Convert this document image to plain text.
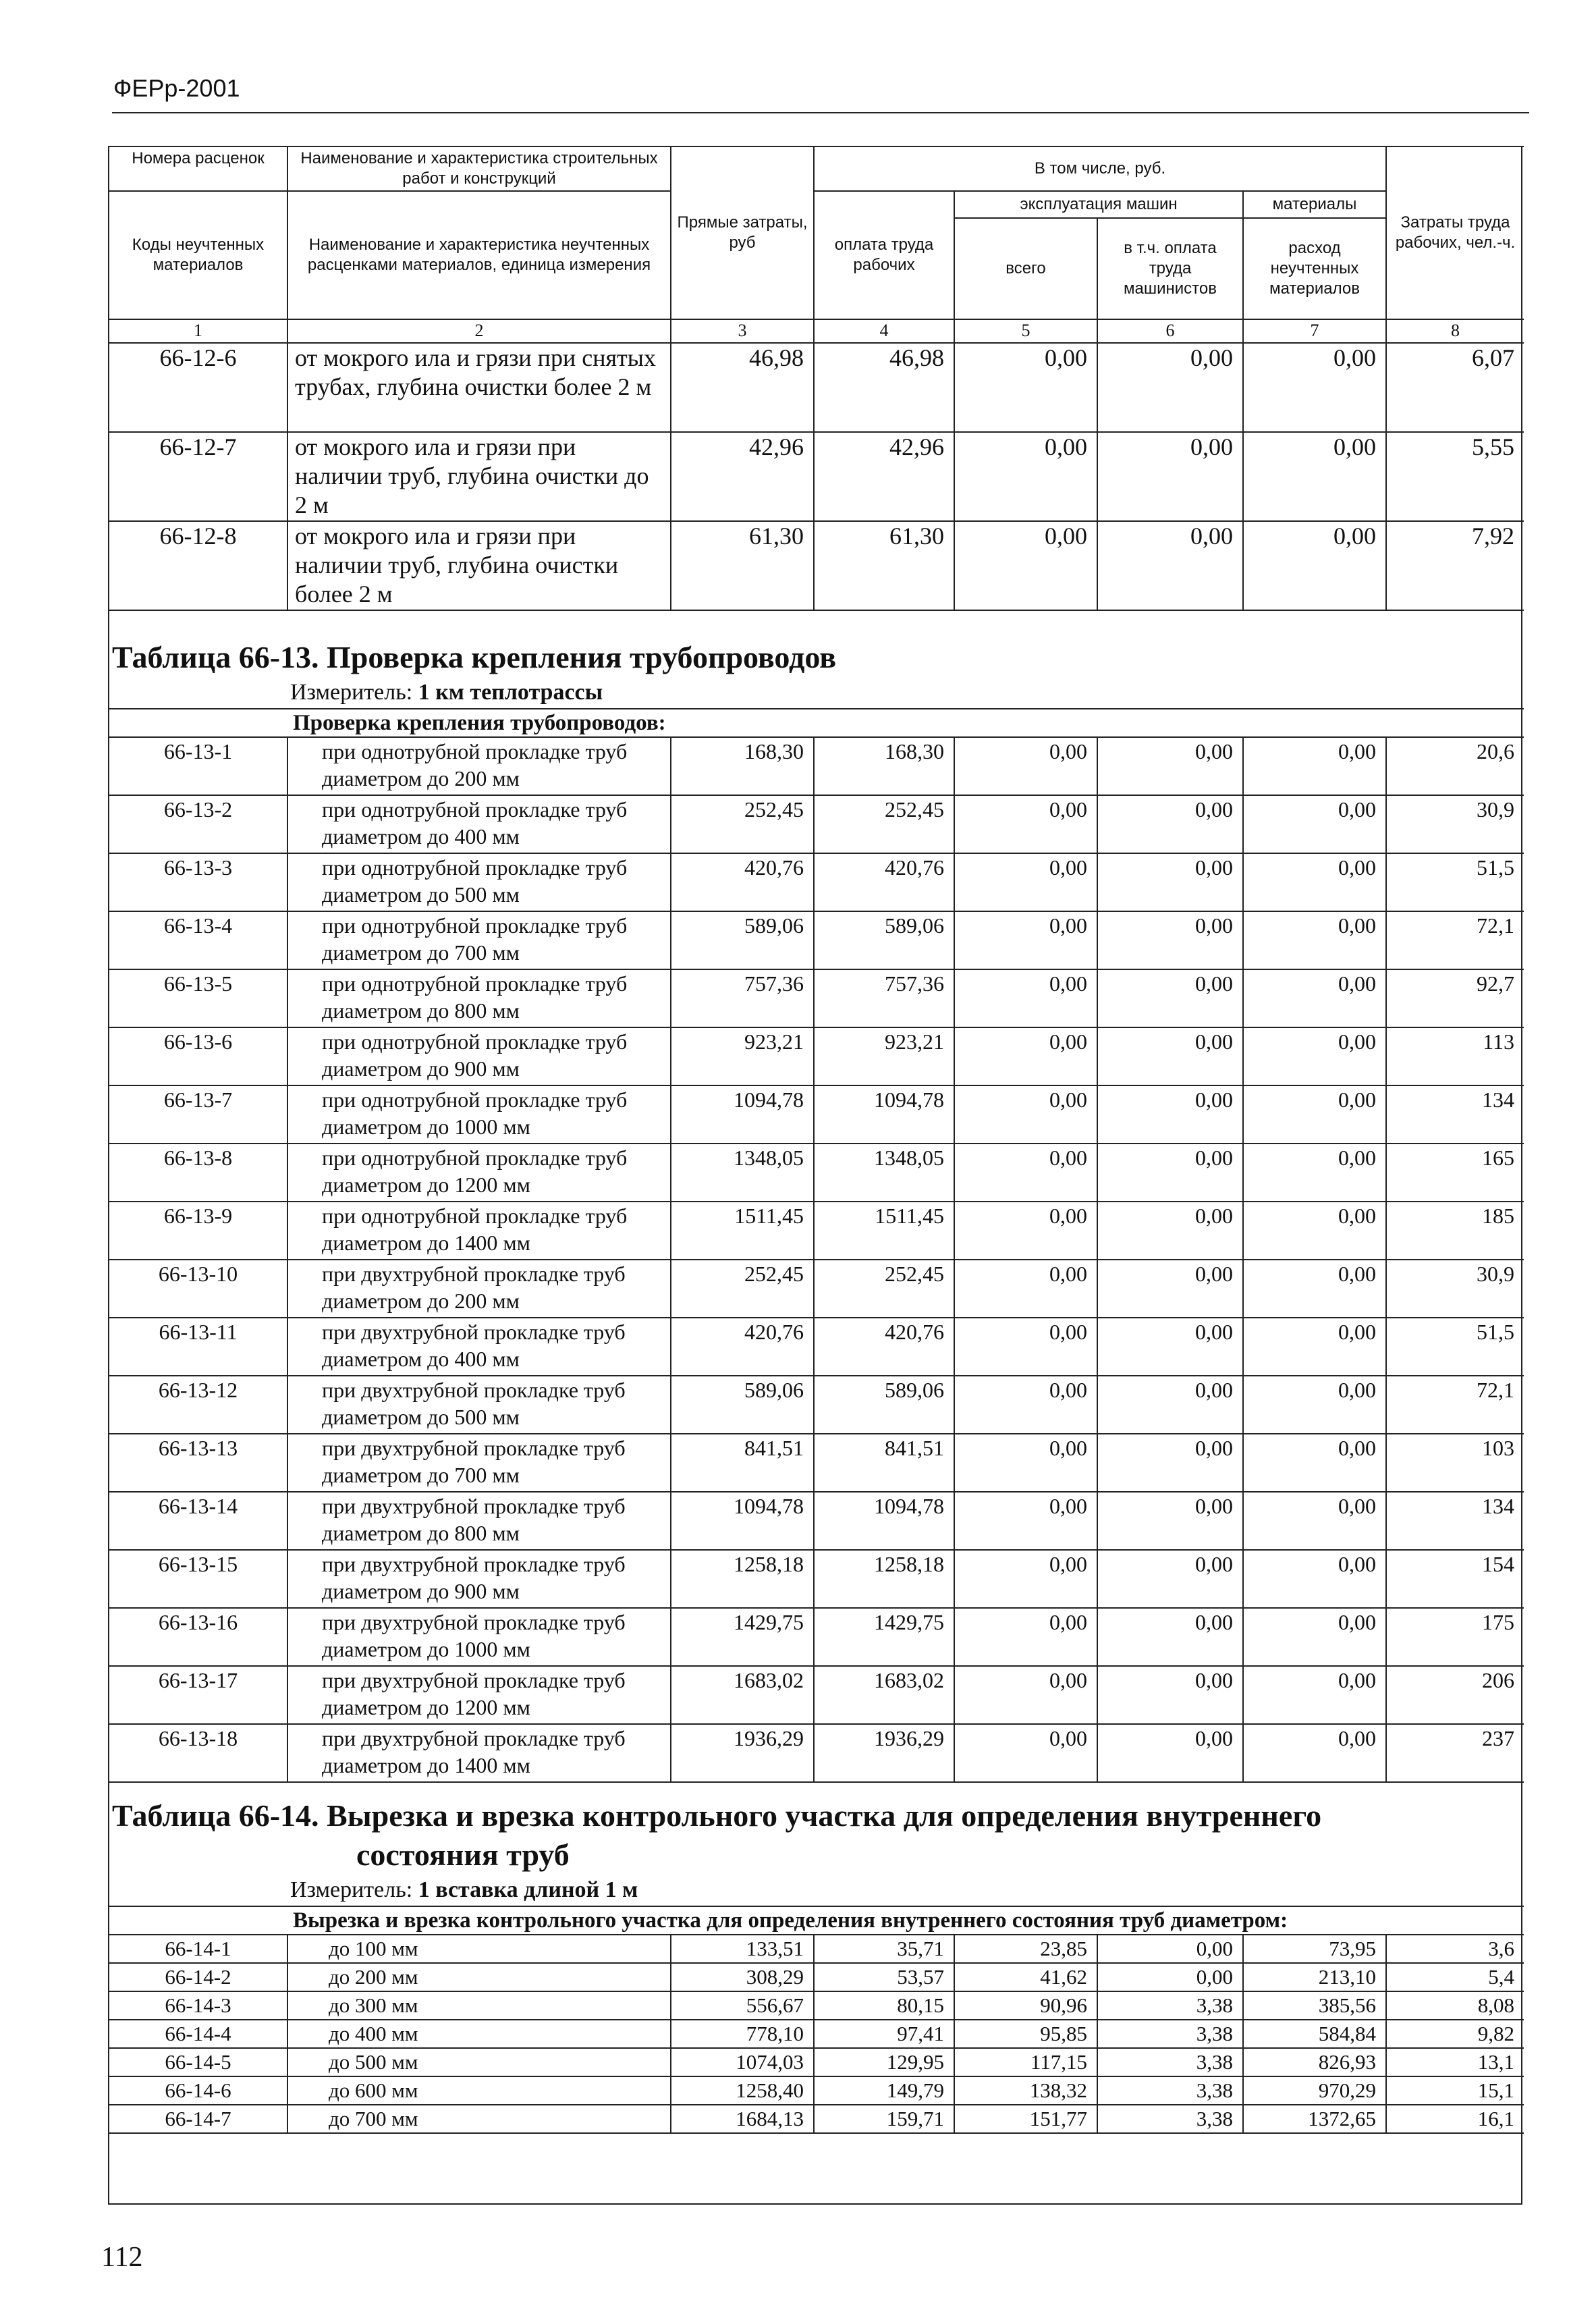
ФЕРр-2001
Номера расценок	Наименование и характеристика строительных работ и конструкций	Прямые затраты, руб	В том числе, руб.				Затраты труда рабочих, чел.-ч.
Коды неучтенных материалов	Наименование и характеристика неучтенных расценками материалов, единица измерения		оплата труда рабочих	эксплуатация машин		материалы	
				всего	в т.ч. оплата труда машинистов	расход неучтенных материалов	
1	2	3	4	5	6	7	8
66-12-6	от мокрого ила и грязи при снятых трубах, глубина очистки более 2 м	46,98	46,98	0,00	0,00	0,00	6,07
66-12-7	от мокрого ила и грязи при наличии труб, глубина очистки до 2 м	42,96	42,96	0,00	0,00	0,00	5,55
66-12-8	от мокрого ила и грязи при наличии труб, глубина очистки более 2 м	61,30	61,30	0,00	0,00	0,00	7,92

Таблица 66-13. Проверка крепления трубопроводов							
Измеритель: 1 км теплотрассы							
Проверка крепления трубопроводов:							
66-13-1	при однотрубной прокладке труб диаметром до 200 мм	168,30	168,30	0,00	0,00	0,00	20,6
66-13-2	при однотрубной прокладке труб диаметром до 400 мм	252,45	252,45	0,00	0,00	0,00	30,9
66-13-3	при однотрубной прокладке труб диаметром до 500 мм	420,76	420,76	0,00	0,00	0,00	51,5
66-13-4	при однотрубной прокладке труб диаметром до 700 мм	589,06	589,06	0,00	0,00	0,00	72,1
66-13-5	при однотрубной прокладке труб диаметром до 800 мм	757,36	757,36	0,00	0,00	0,00	92,7
66-13-6	при однотрубной прокладке труб диаметром до 900 мм	923,21	923,21	0,00	0,00	0,00	113
66-13-7	при однотрубной прокладке труб диаметром до 1000 мм	1094,78	1094,78	0,00	0,00	0,00	134
66-13-8	при однотрубной прокладке труб диаметром до 1200 мм	1348,05	1348,05	0,00	0,00	0,00	165
66-13-9	при однотрубной прокладке труб диаметром до 1400 мм	1511,45	1511,45	0,00	0,00	0,00	185
66-13-10	при двухтрубной прокладке труб диаметром до 200 мм	252,45	252,45	0,00	0,00	0,00	30,9
66-13-11	при двухтрубной прокладке труб диаметром до 400 мм	420,76	420,76	0,00	0,00	0,00	51,5
66-13-12	при двухтрубной прокладке труб диаметром до 500 мм	589,06	589,06	0,00	0,00	0,00	72,1
66-13-13	при двухтрубной прокладке труб диаметром до 700 мм	841,51	841,51	0,00	0,00	0,00	103
66-13-14	при двухтрубной прокладке труб диаметром до 800 мм	1094,78	1094,78	0,00	0,00	0,00	134
66-13-15	при двухтрубной прокладке труб диаметром до 900 мм	1258,18	1258,18	0,00	0,00	0,00	154
66-13-16	при двухтрубной прокладке труб диаметром до 1000 мм	1429,75	1429,75	0,00	0,00	0,00	175
66-13-17	при двухтрубной прокладке труб диаметром до 1200 мм	1683,02	1683,02	0,00	0,00	0,00	206
66-13-18	при двухтрубной прокладке труб диаметром до 1400 мм	1936,29	1936,29	0,00	0,00	0,00	237

Таблица 66-14. Вырезка и врезка контрольного участка для определения внутреннего
состояния труб							

Измеритель: 1 вставка длиной 1 м							
Вырезка и врезка контрольного участка для определения внутреннего состояния труб диаметром:							
66-14-1	до 100 мм	133,51	35,71	23,85	0,00	73,95	3,6
66-14-2	до 200 мм	308,29	53,57	41,62	0,00	213,10	5,4
66-14-3	до 300 мм	556,67	80,15	90,96	3,38	385,56	8,08
66-14-4	до 400 мм	778,10	97,41	95,85	3,38	584,84	9,82
66-14-5	до 500 мм	1074,03	129,95	117,15	3,38	826,93	13,1
66-14-6	до 600 мм	1258,40	149,79	138,32	3,38	970,29	15,1
66-14-7	до 700 мм	1684,13	159,71	151,77	3,38	1372,65	16,1
112
